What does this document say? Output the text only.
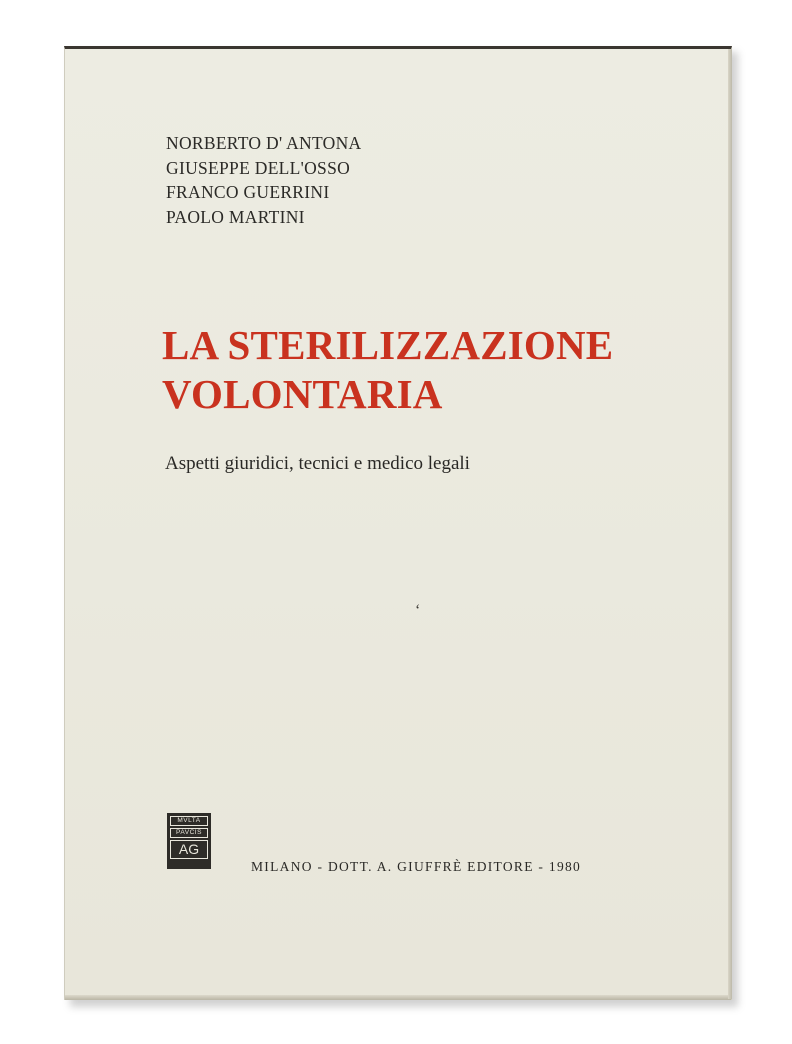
NORBERTO D' ANTONA
GIUSEPPE DELL'OSSO
FRANCO GUERRINI
PAOLO MARTINI
LA STERILIZZAZIONE
VOLONTARIA
Aspetti giuridici, tecnici e medico legali
ʻ
MVLTA
PAVCIS
AG
MILANO - DOTT. A. GIUFFRÈ EDITORE - 1980
